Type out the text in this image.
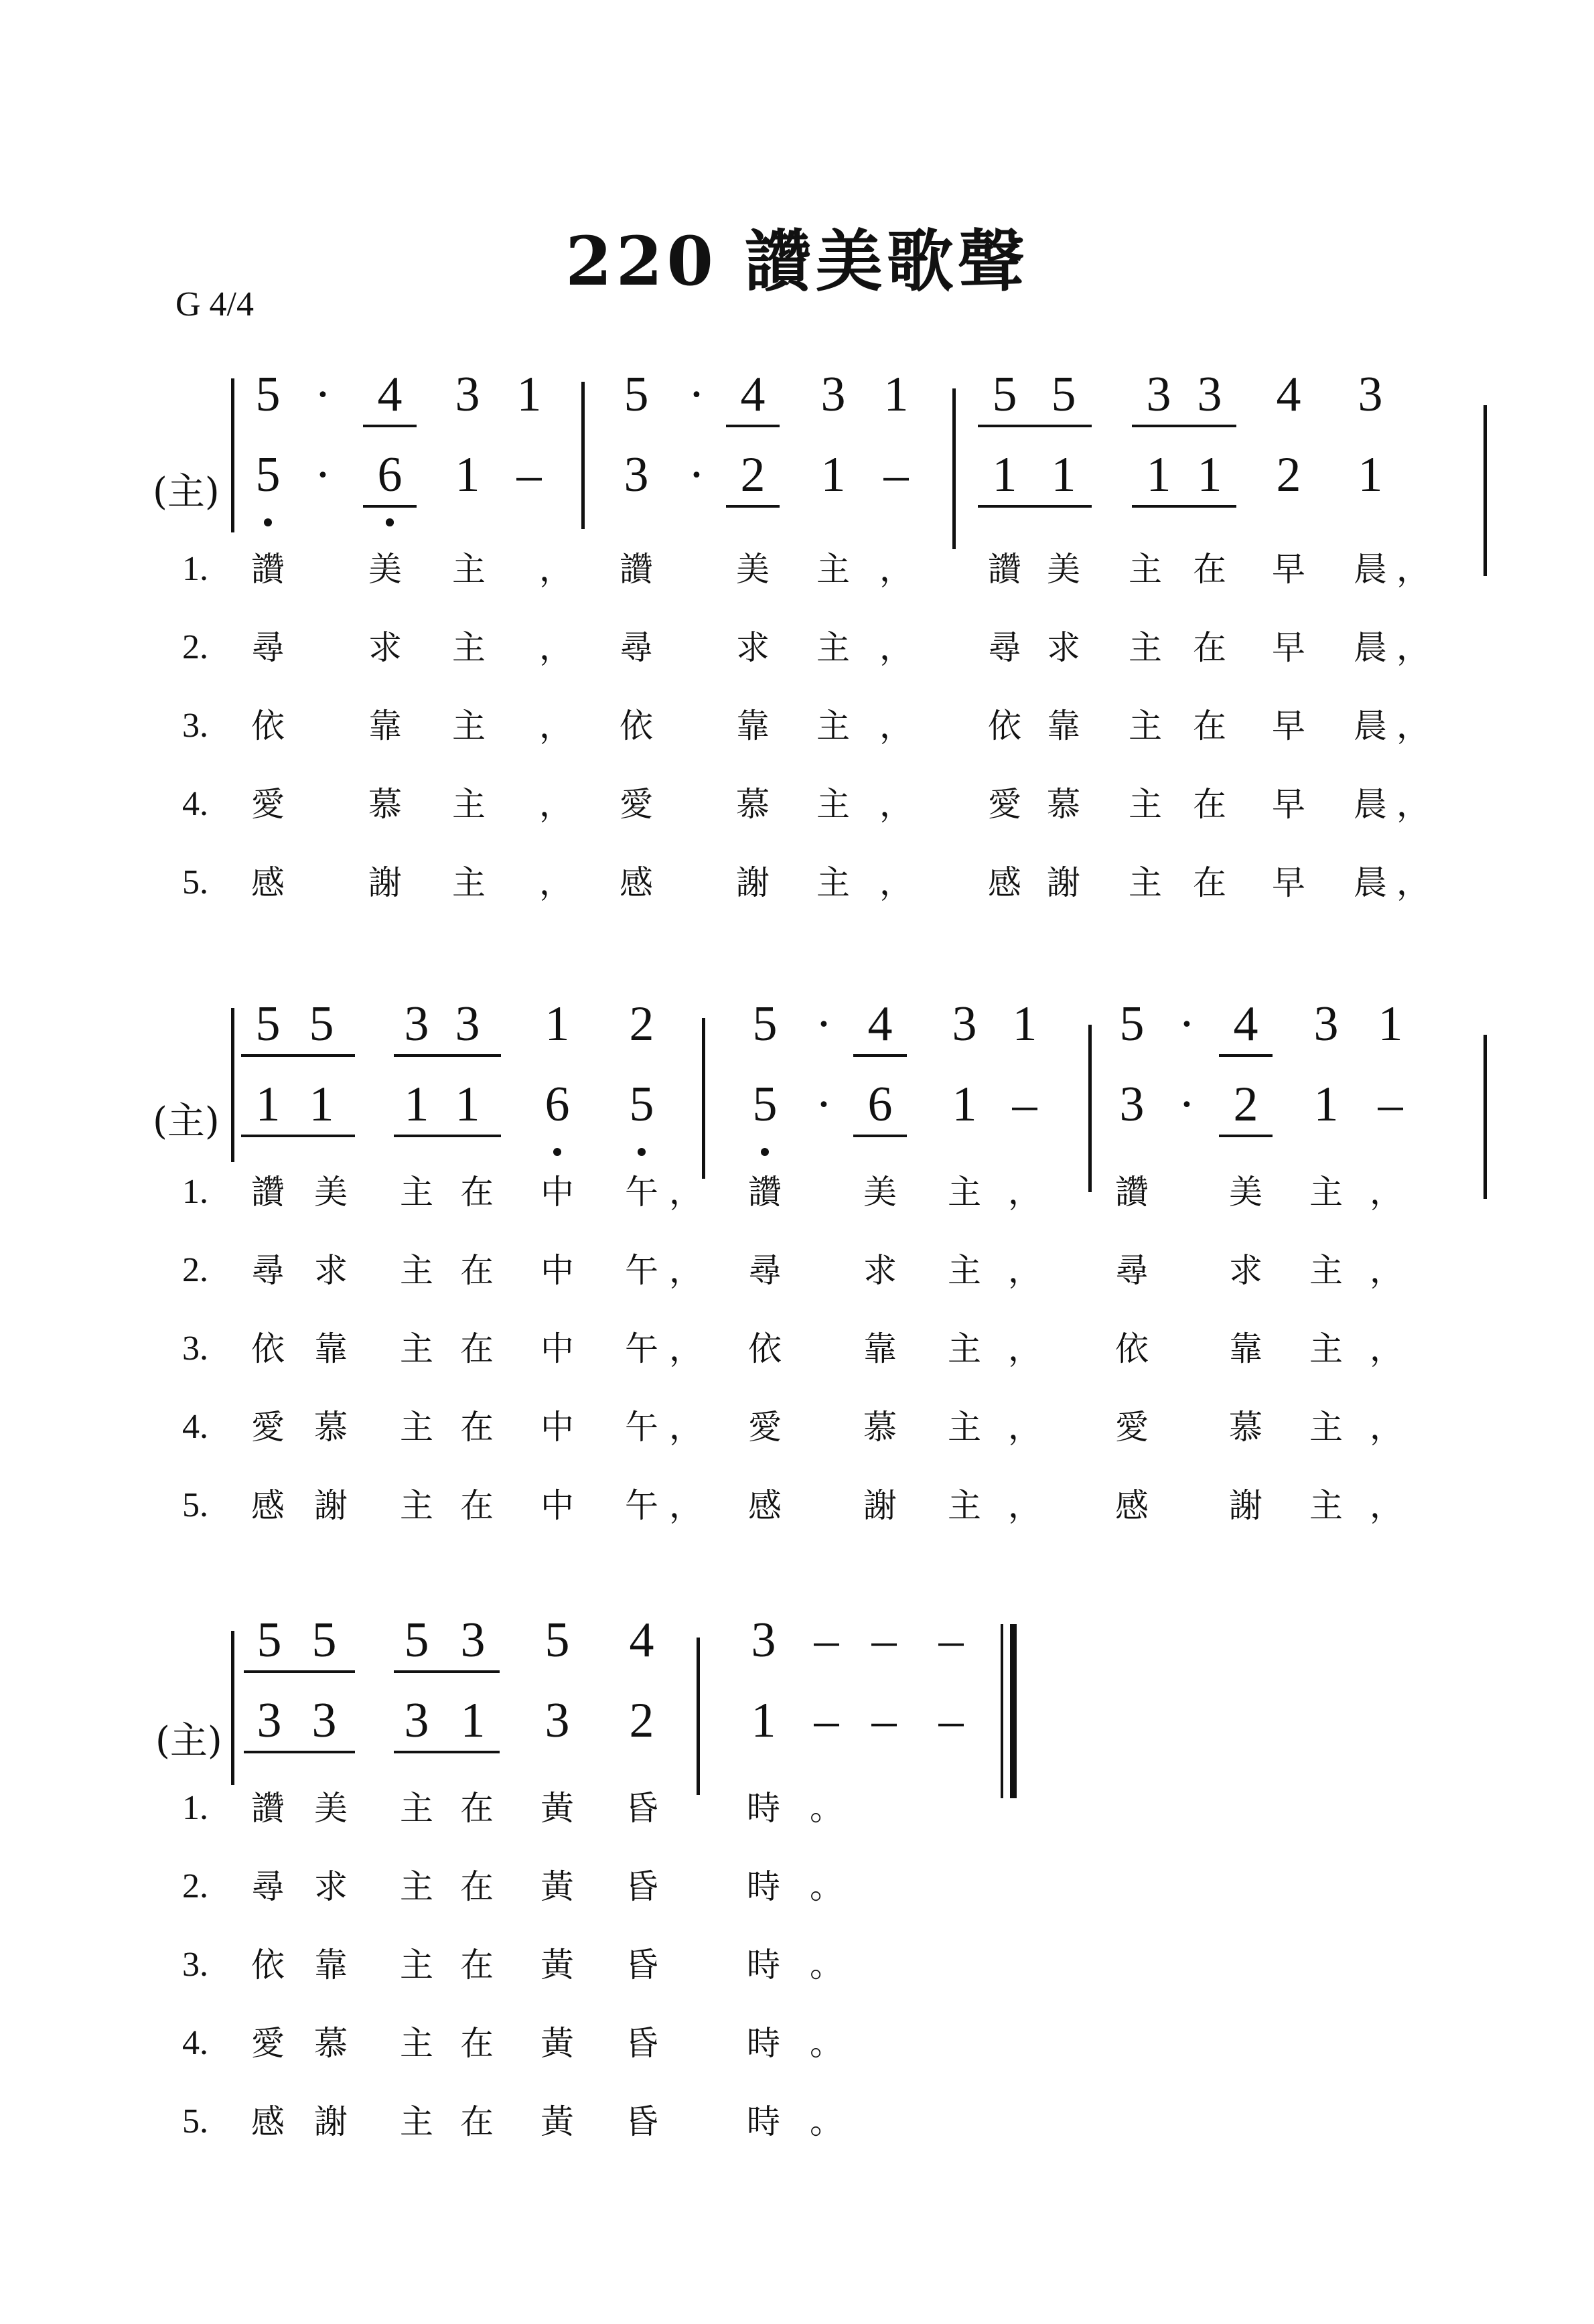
220 讚美歌聲
G 4/4
(主)
5 · 4 3 1 5 · 4 3 1 5 5 3 3 4 3
5 · 6 1 – 3 · 2 1 – 1 1 1 1 2 1
1.	讚	美	主	，	讚	美	主 ，	讚 美	主 在	早	晨 ，
2.	尋	求	主	，	尋	求	主 ，	尋 求	主 在	早	晨 ，
3.	依	靠	主	，	依	靠	主 ，	依 靠	主 在	早	晨 ，
4.	愛	慕	主	，	愛	慕	主 ，	愛 慕	主 在	早	晨 ，
5.	感	謝	主	，	感	謝	主 ，	感 謝	主 在	早	晨 ，
(主)
5 5 3 3 1 2 5 · 4 3 1 5 · 4 3 1
1 1 1 1 6 5 5 · 6 1 – 3 · 2 1 –
1.	讚 美	主 在	中	午 ，	讚	美	主 ，	讚	美	主 ，
2.	尋 求	主 在	中	午 ，	尋	求	主 ，	尋	求	主 ，
3.	依 靠	主 在	中	午 ，	依	靠	主 ，	依	靠	主 ，
4.	愛 慕	主 在	中	午 ，	愛	慕	主 ，	愛	慕	主 ，
5.	感 謝	主 在	中	午 ，	感	謝	主 ，	感	謝	主 ，
(主)
5 5 5 3 5 4 3 – – –
3 3 3 1 3 2 1 – – –
1.	讚 美	主 在	黃	昏	時 。
2.	尋 求	主 在	黃	昏	時 。
3.	依 靠	主 在	黃	昏	時 。
4.	愛 慕	主 在	黃	昏	時 。
5.	感 謝	主 在	黃	昏	時 。
